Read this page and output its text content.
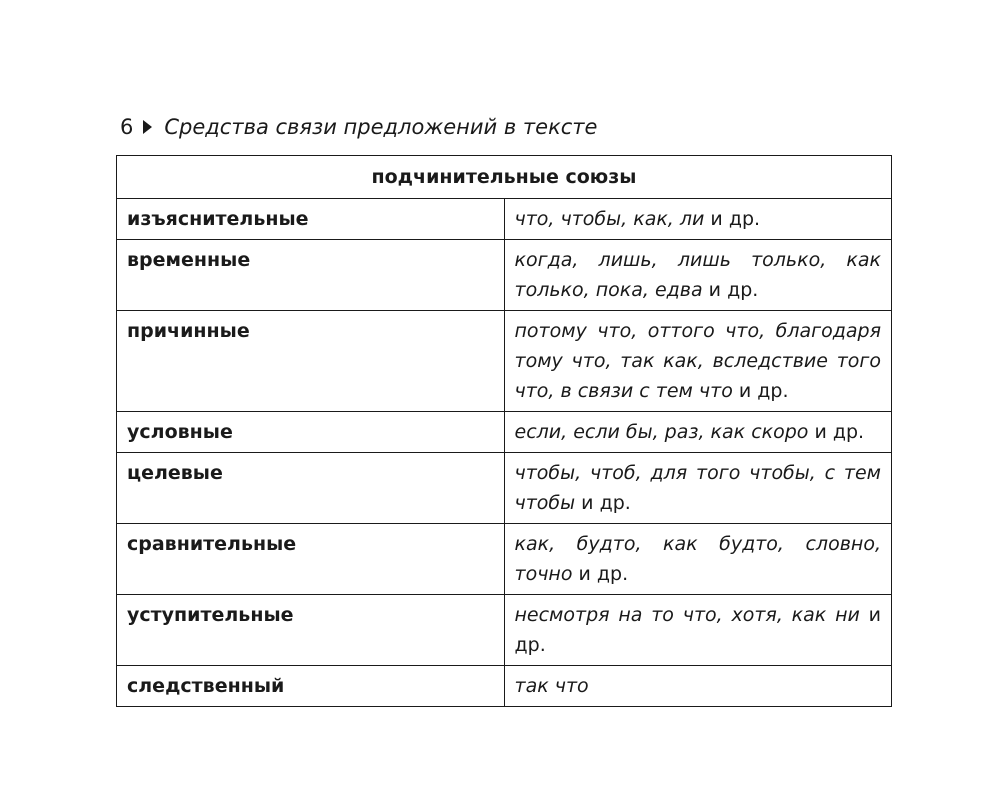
6 Средства связи предложений в тексте
подчинительные союзы	
изъяснительные	что, чтобы, как, ли и др.
временные	когда, лишь, лишь только, как только, пока, едва и др.
причинные	потому что, оттого что, благодаря тому что, так как, вследствие того что, в связи с тем что и др.
условные	если, если бы, раз, как скоро и др.
целевые	чтобы, чтоб, для того чтобы, с тем чтобы и др.
сравнительные	как, будто, как будто, словно, точно и др.
уступительные	несмотря на то что, хотя, как ни и др.
следственный	так что
